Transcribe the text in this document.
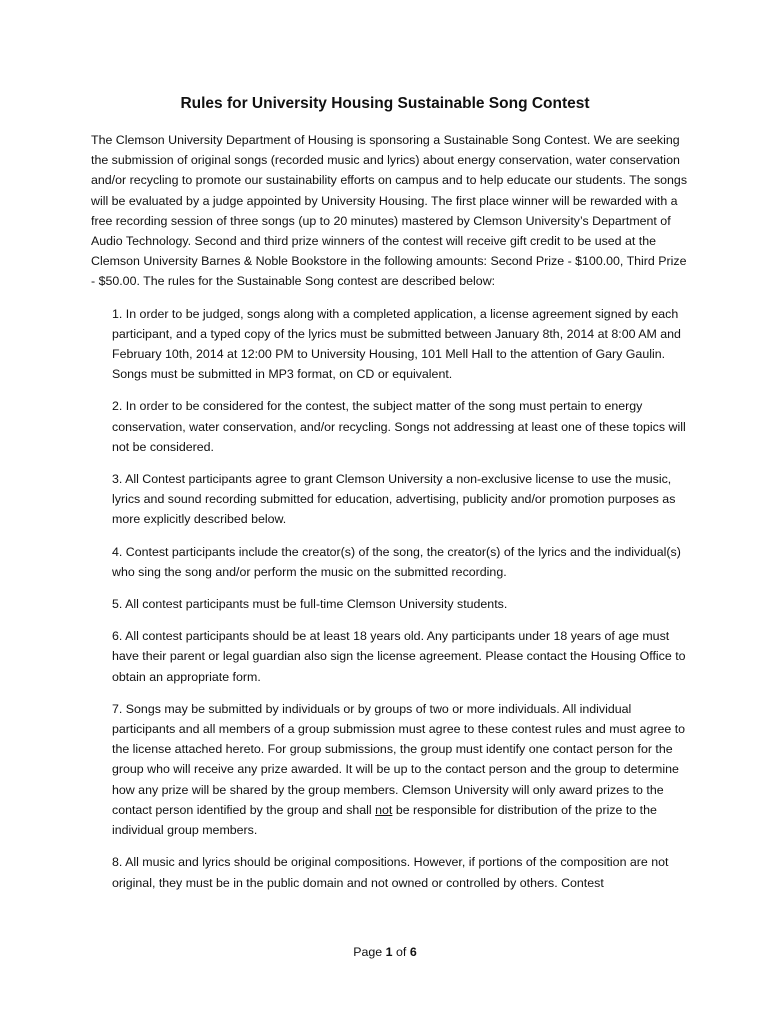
Rules for University Housing Sustainable Song Contest

The Clemson University Department of Housing is sponsoring a Sustainable Song Contest. We are seeking the submission of original songs (recorded music and lyrics) about energy conservation, water conservation and/or recycling to promote our sustainability efforts on campus and to help educate our students. The songs will be evaluated by a judge appointed by University Housing. The first place winner will be rewarded with a free recording session of three songs (up to 20 minutes) mastered by Clemson University’s Department of Audio Technology. Second and third prize winners of the contest will receive gift credit to be used at the Clemson University Barnes & Noble Bookstore in the following amounts: Second Prize - $100.00, Third Prize - $50.00. The rules for the Sustainable Song contest are described below:

1. In order to be judged, songs along with a completed application, a license agreement signed by each participant, and a typed copy of the lyrics must be submitted between January 8th, 2014 at 8:00 AM and February 10th, 2014 at 12:00 PM to University Housing, 101 Mell Hall to the attention of Gary Gaulin. Songs must be submitted in MP3 format, on CD or equivalent.

2. In order to be considered for the contest, the subject matter of the song must pertain to energy conservation, water conservation, and/or recycling. Songs not addressing at least one of these topics will not be considered.

3. All Contest participants agree to grant Clemson University a non-exclusive license to use the music, lyrics and sound recording submitted for education, advertising, publicity and/or promotion purposes as more explicitly described below.

4. Contest participants include the creator(s) of the song, the creator(s) of the lyrics and the individual(s) who sing the song and/or perform the music on the submitted recording.

5. All contest participants must be full-time Clemson University students.

6. All contest participants should be at least 18 years old. Any participants under 18 years of age must have their parent or legal guardian also sign the license agreement. Please contact the Housing Office to obtain an appropriate form.

7. Songs may be submitted by individuals or by groups of two or more individuals. All individual participants and all members of a group submission must agree to these contest rules and must agree to the license attached hereto. For group submissions, the group must identify one contact person for the group who will receive any prize awarded. It will be up to the contact person and the group to determine how any prize will be shared by the group members. Clemson University will only award prizes to the contact person identified by the group and shall not be responsible for distribution of the prize to the individual group members.

8. All music and lyrics should be original compositions. However, if portions of the composition are not original, they must be in the public domain and not owned or controlled by others. Contest

Page 1 of 6
